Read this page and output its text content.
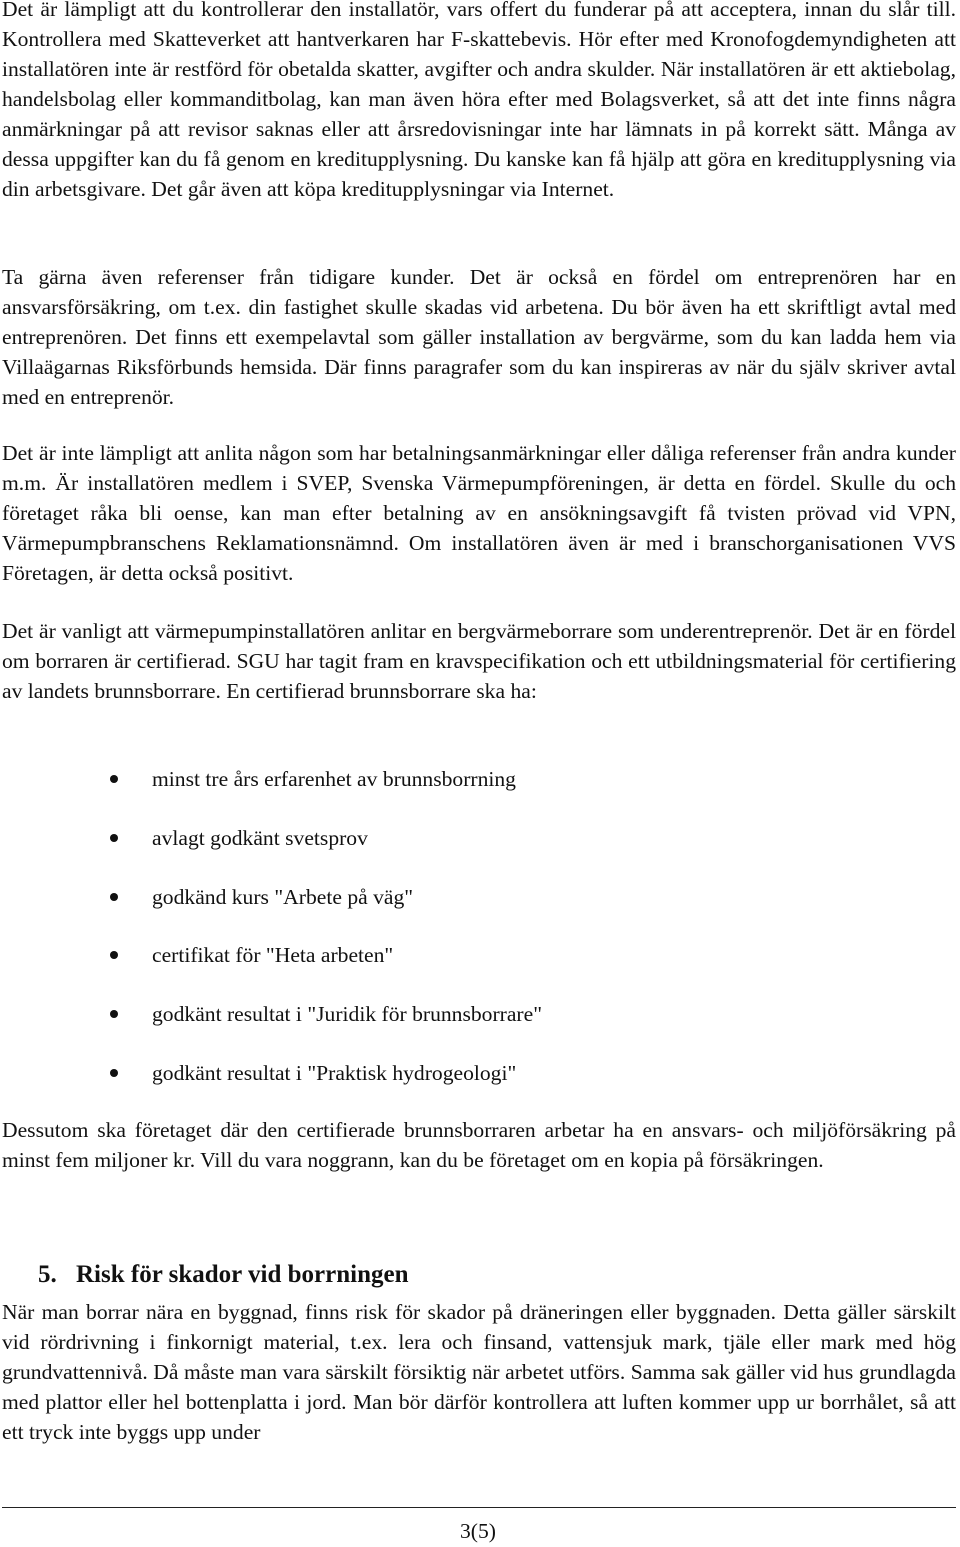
Det är lämpligt att du kontrollerar den installatör, vars offert du funderar på att acceptera, innan du slår till. Kontrollera med Skatteverket att hantverkaren har F-skattebevis. Hör efter med Kronofogdemyndigheten att installatören inte är restförd för obetalda skatter, avgifter och andra skulder. När installatören är ett aktiebolag, handelsbolag eller kommanditbolag, kan man även höra efter med Bolagsverket, så att det inte finns några anmärkningar på att revisor saknas eller att årsredovisningar inte har lämnats in på korrekt sätt. Många av dessa uppgifter kan du få genom en kreditupplysning. Du kanske kan få hjälp att göra en kreditupplysning via din arbetsgivare. Det går även att köpa kreditupplysningar via Internet.

Ta gärna även referenser från tidigare kunder. Det är också en fördel om entreprenören har en ansvarsförsäkring, om t.ex. din fastighet skulle skadas vid arbetena. Du bör även ha ett skriftligt avtal med entreprenören. Det finns ett exempelavtal som gäller installation av bergvärme, som du kan ladda hem via Villaägarnas Riksförbunds hemsida. Där finns paragrafer som du kan inspireras av när du själv skriver avtal med en entreprenör.

Det är inte lämpligt att anlita någon som har betalningsanmärkningar eller dåliga referenser från andra kunder m.m. Är installatören medlem i SVEP, Svenska Värmepumpföreningen, är detta en fördel. Skulle du och företaget råka bli oense, kan man efter betalning av en ansökningsavgift få tvisten prövad vid VPN, Värmepumpbranschens Reklamationsnämnd. Om installatören även är med i branschorganisationen VVS Företagen, är detta också positivt.

Det är vanligt att värmepumpinstallatören anlitar en bergvärmeborrare som underentreprenör. Det är en fördel om borraren är certifierad. SGU har tagit fram en kravspecifikation och ett utbildningsmaterial för certifiering av landets brunnsborrare. En certifierad brunnsborrare ska ha:

minst tre års erfarenhet av brunnsborrning
avlagt godkänt svetsprov
godkänd kurs "Arbete på väg"
certifikat för "Heta arbeten"
godkänt resultat i "Juridik för brunnsborrare"
godkänt resultat i "Praktisk hydrogeologi"

Dessutom ska företaget där den certifierade brunnsborraren arbetar ha en ansvars- och miljöförsäkring på minst fem miljoner kr. Vill du vara noggrann, kan du be företaget om en kopia på försäkringen.

5. Risk för skador vid borrningen

När man borrar nära en byggnad, finns risk för skador på dräneringen eller byggnaden. Detta gäller särskilt vid rördrivning i finkornigt material, t.ex. lera och finsand, vattensjuk mark, tjäle eller mark med hög grundvattennivå. Då måste man vara särskilt försiktig när arbetet utförs. Samma sak gäller vid hus grundlagda med plattor eller hel bottenplatta i jord. Man bör därför kontrollera att luften kommer upp ur borrhålet, så att ett tryck inte byggs upp under

3(5)
